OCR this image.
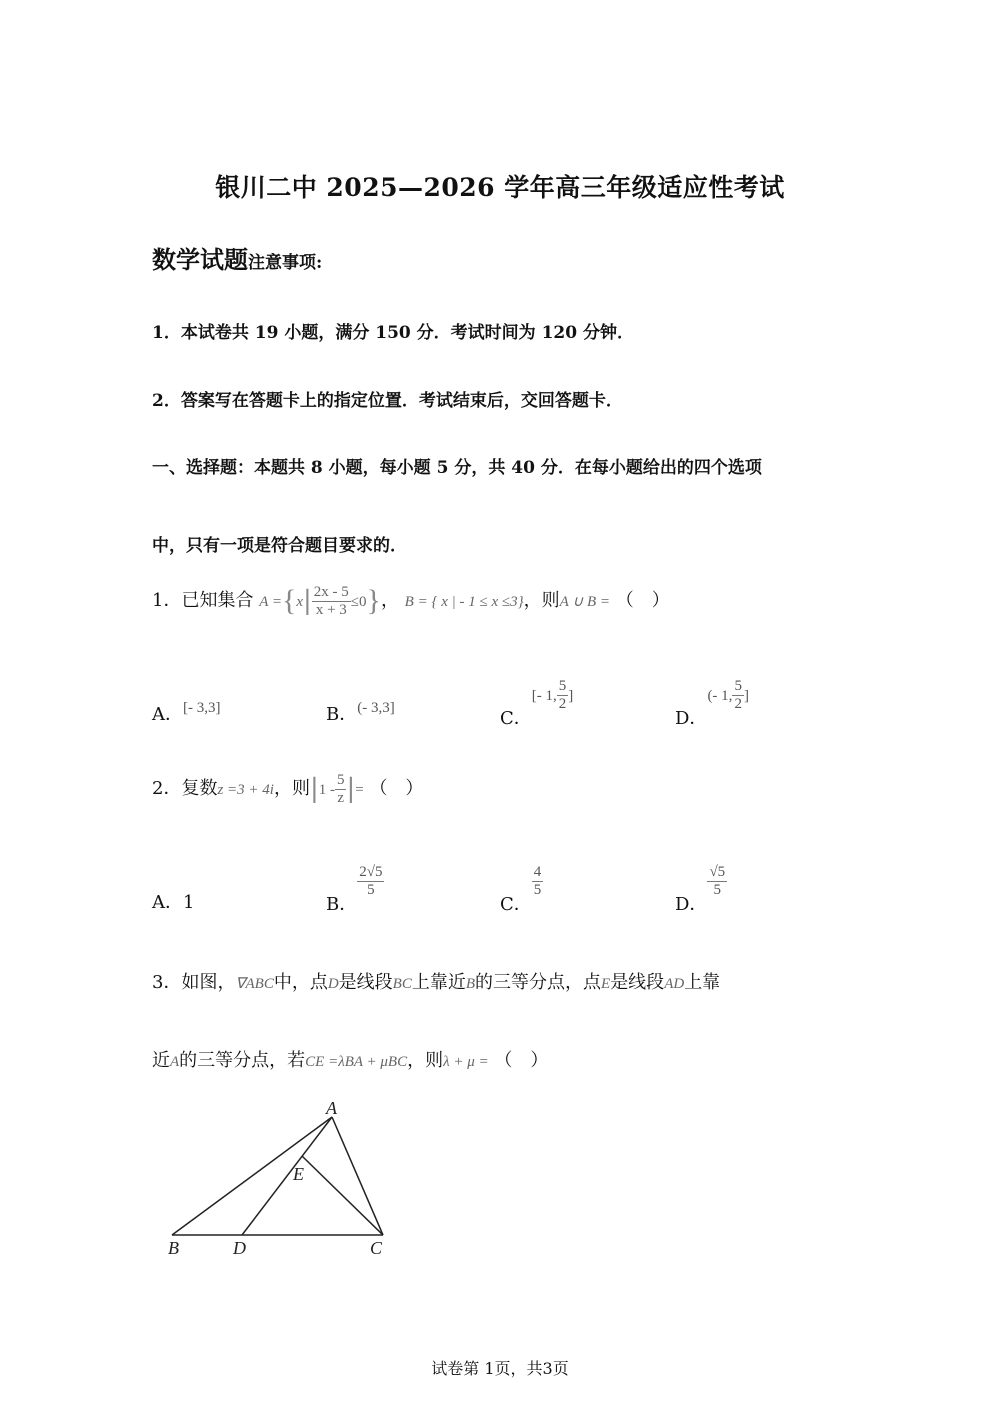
银川二中 2025—2026 学年高三年级适应性考试
数学试题注意事项:
1．本试卷共 19 小题，满分 150 分．考试时间为 120 分钟．
2．答案写在答题卡上的指定位置．考试结束后，交回答题卡．
一、选择题：本题共 8 小题，每小题 5 分，共 40 分．在每小题给出的四个选项
中，只有一项是符合题目要求的．
1．已知集合 $A =\{x| \frac{2x - 5}{x + 3} \le 0\}$， B = { x | - 1 ≤ x ≤3}，则A ∪ B = （　）
A．[- 3,3]	B．$^{(- 3,3]}$	C．[- 1, $\frac{5}{2}$ ]
D．(- 1, $\frac{5}{2}$ ]
2．复数z =3 + 4i，则$|1 - \frac{5}{z}$ |= （　）
A．1	B．
$\frac{2√5}{5}$
C．
$\frac{4}{5}$
D．
$\frac{√5}{5}$
3．如图，∇ABC中，点D是线段BC上靠近B的三等分点，点E是线段AD上靠
近A的三等分点，若CE =λBA + μBC，则λ + μ = （　）
A
B	C
D
E
试卷第 1页，共3页
